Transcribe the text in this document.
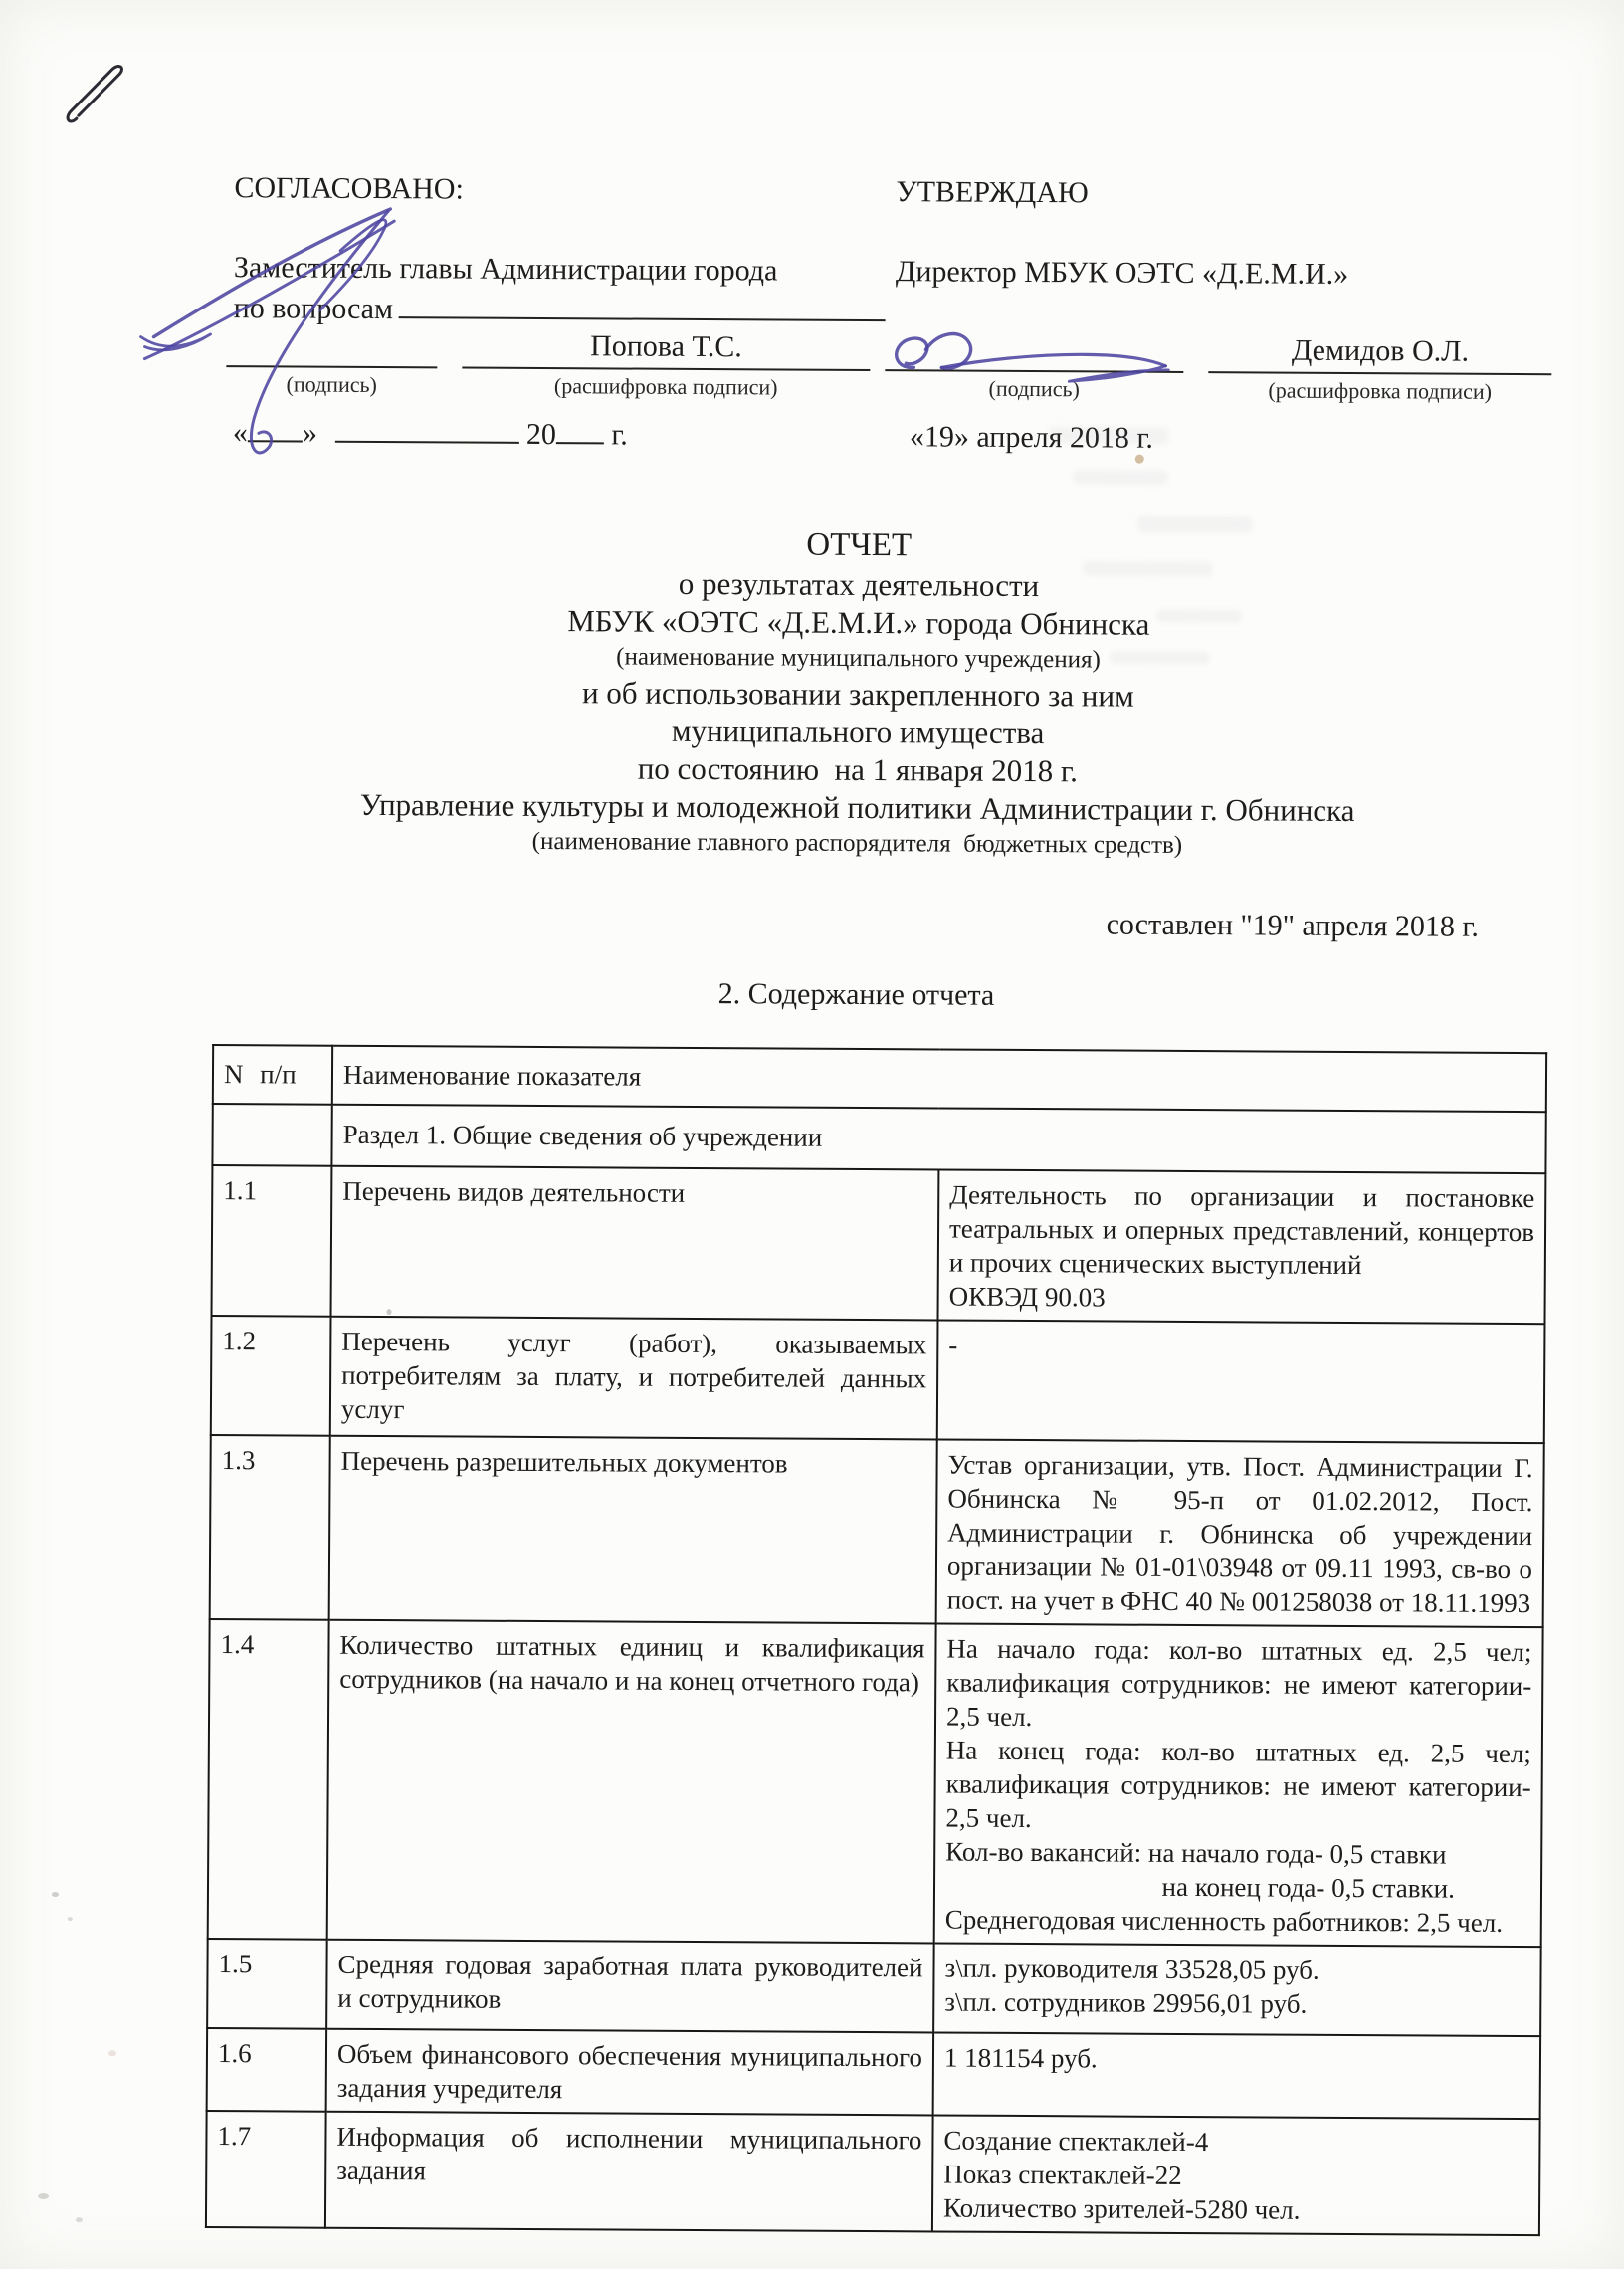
СОГЛАСОВАНО:
Заместитель главы Администрации города
по вопросам
(подпись)
Попова Т.С.
(расшифровка подписи)
« »	20 г.
УТВЕРЖДАЮ
Директор МБУК ОЭТС «Д.Е.М.И.»
(подпись)
Демидов О.Л.
(расшифровка подписи)
«19» апреля 2018 г.
ОТЧЕТ
о результатах деятельности
МБУК «ОЭТС «Д.Е.М.И.» города Обнинска
(наименование муниципального учреждения)
и об использовании закрепленного за ним
муниципального имущества
по состоянию  на 1 января 2018 г.
Управление культуры и молодежной политики Администрации г. Обнинска
(наименование главного распорядителя  бюджетных средств)
составлен "19" апреля 2018 г.
2. Содержание отчета
N п/п	Наименование показателя	
	Раздел 1. Общие сведения об учреждении	
1.1	Перечень видов деятельности	Деятельность по организации и постановке театральных и оперных представлений, концертов и прочих сценических выступлений
ОКВЭД 90.03

1.2	Перечень услуг (работ), оказываемых потребителям за плату, и потребителей данных услуг	-

1.3	Перечень разрешительных документов	Устав организации, утв. Пост. Администрации Г. Обнинска № 95-п от 01.02.2012, Пост. Администрации г. Обнинска об учреждении организации № 01-01\03948 от 09.11 1993, св-во о пост. на учет в ФНС 40 № 001258038 от 18.11.1993

1.4	Количество штатных единиц и квалификация сотрудников (на начало и на конец отчетного года)	На начало года: кол-во штатных ед. 2,5 чел; квалификация сотрудников: не имеют категории- 2,5 чел.
На конец года: кол-во штатных ед. 2,5 чел; квалификация сотрудников: не имеют категории- 2,5 чел.
Кол-во вакансий: на начало года- 0,5 ставки
на конец года- 0,5 ставки.
Среднегодовая численность работников: 2,5 чел.

1.5	Средняя годовая заработная плата руководителей и сотрудников	з\пл. руководителя 33528,05 руб.
з\пл. сотрудников 29956,01 руб.

1.6	Объем финансового обеспечения муниципального задания учредителя	1 181154 руб.

1.7	Информация об исполнении муниципального задания	Создание спектаклей-4
Показ спектаклей-22
Количество зрителей-5280 чел.
